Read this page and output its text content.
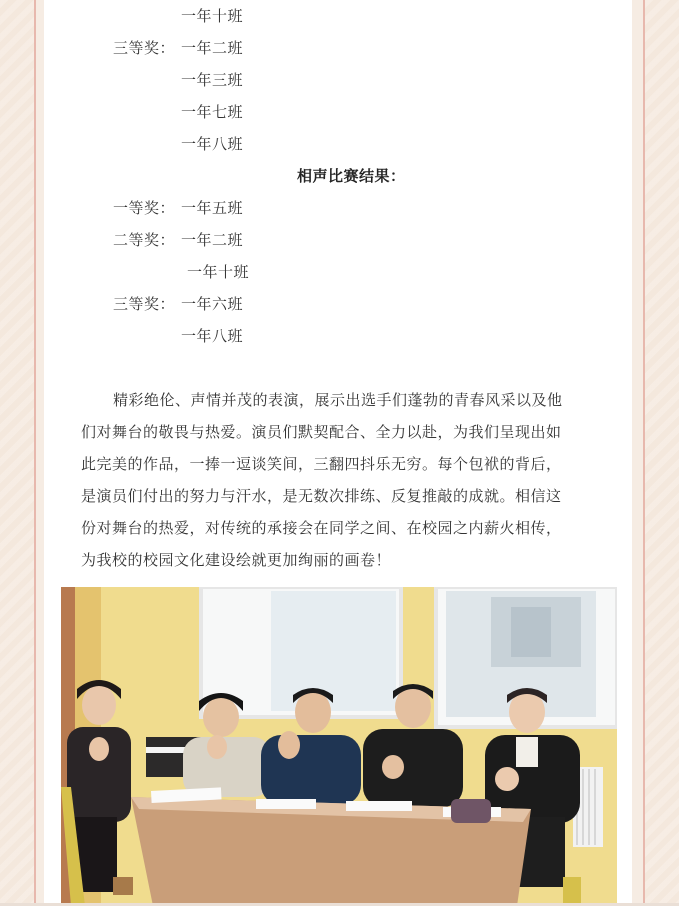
一年十班
三等奖： 一年二班
一年三班
一年七班
一年八班
相声比赛结果：
一等奖： 一年五班
二等奖： 一年二班
一年十班
三等奖： 一年六班
一年八班
精彩绝伦、声情并茂的表演，展示出选手们蓬勃的青春风采以及他
们对舞台的敬畏与热爱。演员们默契配合、全力以赴，为我们呈现出如
此完美的作品，一捧一逗谈笑间，三翻四抖乐无穷。每个包袱的背后，
是演员们付出的努力与汗水，是无数次排练、反复推敲的成就。相信这
份对舞台的热爱，对传统的承接会在同学之间、在校园之内薪火相传，
为我校的校园文化建设绘就更加绚丽的画卷！
